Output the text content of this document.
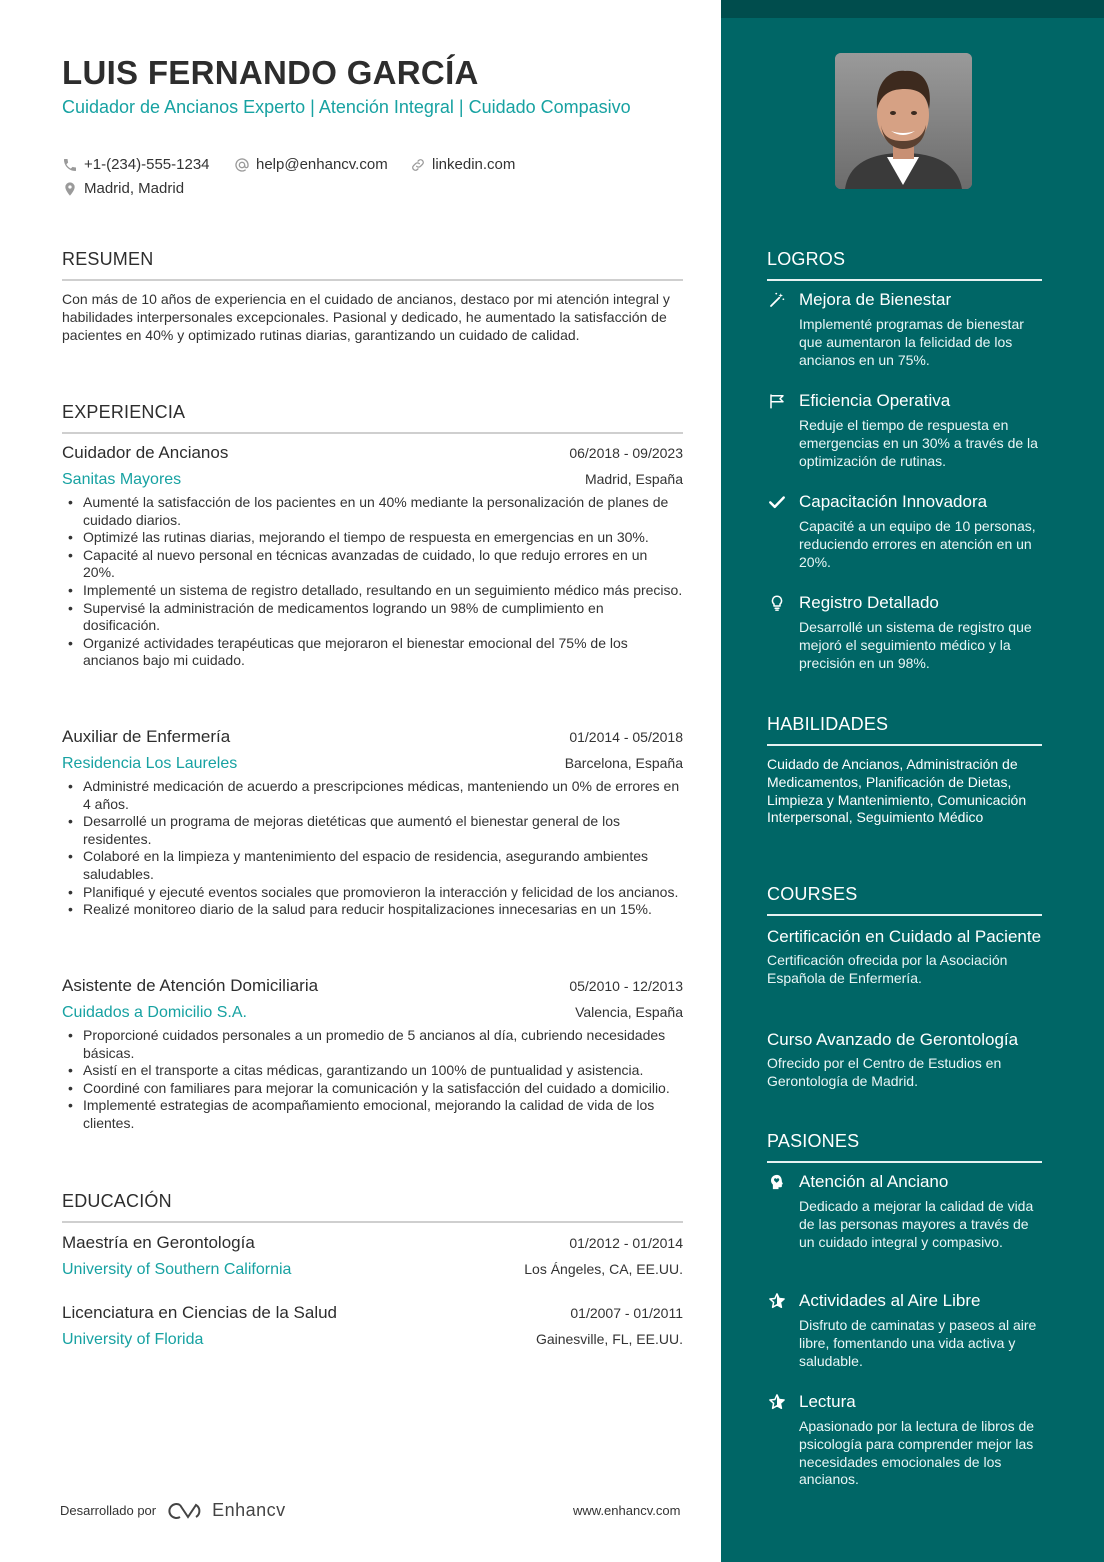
LUIS FERNANDO GARCÍA
Cuidador de Ancianos Experto | Atención Integral | Cuidado Compasivo
+1-(234)-555-1234	help@enhancv.com	linkedin.com
Madrid, Madrid
RESUMEN
Con más de 10 años de experiencia en el cuidado de ancianos, destaco por mi atención integral y habilidades interpersonales excepcionales. Pasional y dedicado, he aumentado la satisfacción de pacientes en 40% y optimizado rutinas diarias, garantizando un cuidado de calidad.
EXPERIENCIA
Cuidador de Ancianos	06/2018 - 09/2023
Sanitas Mayores	Madrid, España
• Aumenté la satisfacción de los pacientes en un 40% mediante la personalización de planes de cuidado diarios.
• Optimizé las rutinas diarias, mejorando el tiempo de respuesta en emergencias en un 30%.
• Capacité al nuevo personal en técnicas avanzadas de cuidado, lo que redujo errores en un 20%.
• Implementé un sistema de registro detallado, resultando en un seguimiento médico más preciso.
• Supervisé la administración de medicamentos logrando un 98% de cumplimiento en dosificación.
• Organizé actividades terapéuticas que mejoraron el bienestar emocional del 75% de los ancianos bajo mi cuidado.
Auxiliar de Enfermería	01/2014 - 05/2018
Residencia Los Laureles	Barcelona, España
• Administré medicación de acuerdo a prescripciones médicas, manteniendo un 0% de errores en 4 años.
• Desarrollé un programa de mejoras dietéticas que aumentó el bienestar general de los residentes.
• Colaboré en la limpieza y mantenimiento del espacio de residencia, asegurando ambientes saludables.
• Planifiqué y ejecuté eventos sociales que promovieron la interacción y felicidad de los ancianos.
• Realizé monitoreo diario de la salud para reducir hospitalizaciones innecesarias en un 15%.
Asistente de Atención Domiciliaria	05/2010 - 12/2013
Cuidados a Domicilio S.A.	Valencia, España
• Proporcioné cuidados personales a un promedio de 5 ancianos al día, cubriendo necesidades básicas.
• Asistí en el transporte a citas médicas, garantizando un 100% de puntualidad y asistencia.
• Coordiné con familiares para mejorar la comunicación y la satisfacción del cuidado a domicilio.
• Implementé estrategias de acompañamiento emocional, mejorando la calidad de vida de los clientes.
EDUCACIÓN
Maestría en Gerontología	01/2012 - 01/2014
University of Southern California	Los Ángeles, CA, EE.UU.
Licenciatura en Ciencias de la Salud	01/2007 - 01/2011
University of Florida	Gainesville, FL, EE.UU.
Desarrollado por	Enhancv	www.enhancv.com
LOGROS
Mejora de Bienestar
Implementé programas de bienestar que aumentaron la felicidad de los ancianos en un 75%.
Eficiencia Operativa
Reduje el tiempo de respuesta en emergencias en un 30% a través de la optimización de rutinas.
Capacitación Innovadora
Capacité a un equipo de 10 personas, reduciendo errores en atención en un 20%.
Registro Detallado
Desarrollé un sistema de registro que mejoró el seguimiento médico y la precisión en un 98%.
HABILIDADES
Cuidado de Ancianos, Administración de Medicamentos, Planificación de Dietas, Limpieza y Mantenimiento, Comunicación Interpersonal, Seguimiento Médico
COURSES
Certificación en Cuidado al Paciente
Certificación ofrecida por la Asociación Española de Enfermería.
Curso Avanzado de Gerontología
Ofrecido por el Centro de Estudios en Gerontología de Madrid.
PASIONES
Atención al Anciano
Dedicado a mejorar la calidad de vida de las personas mayores a través de un cuidado integral y compasivo.
Actividades al Aire Libre
Disfruto de caminatas y paseos al aire libre, fomentando una vida activa y saludable.
Lectura
Apasionado por la lectura de libros de psicología para comprender mejor las necesidades emocionales de los ancianos.
